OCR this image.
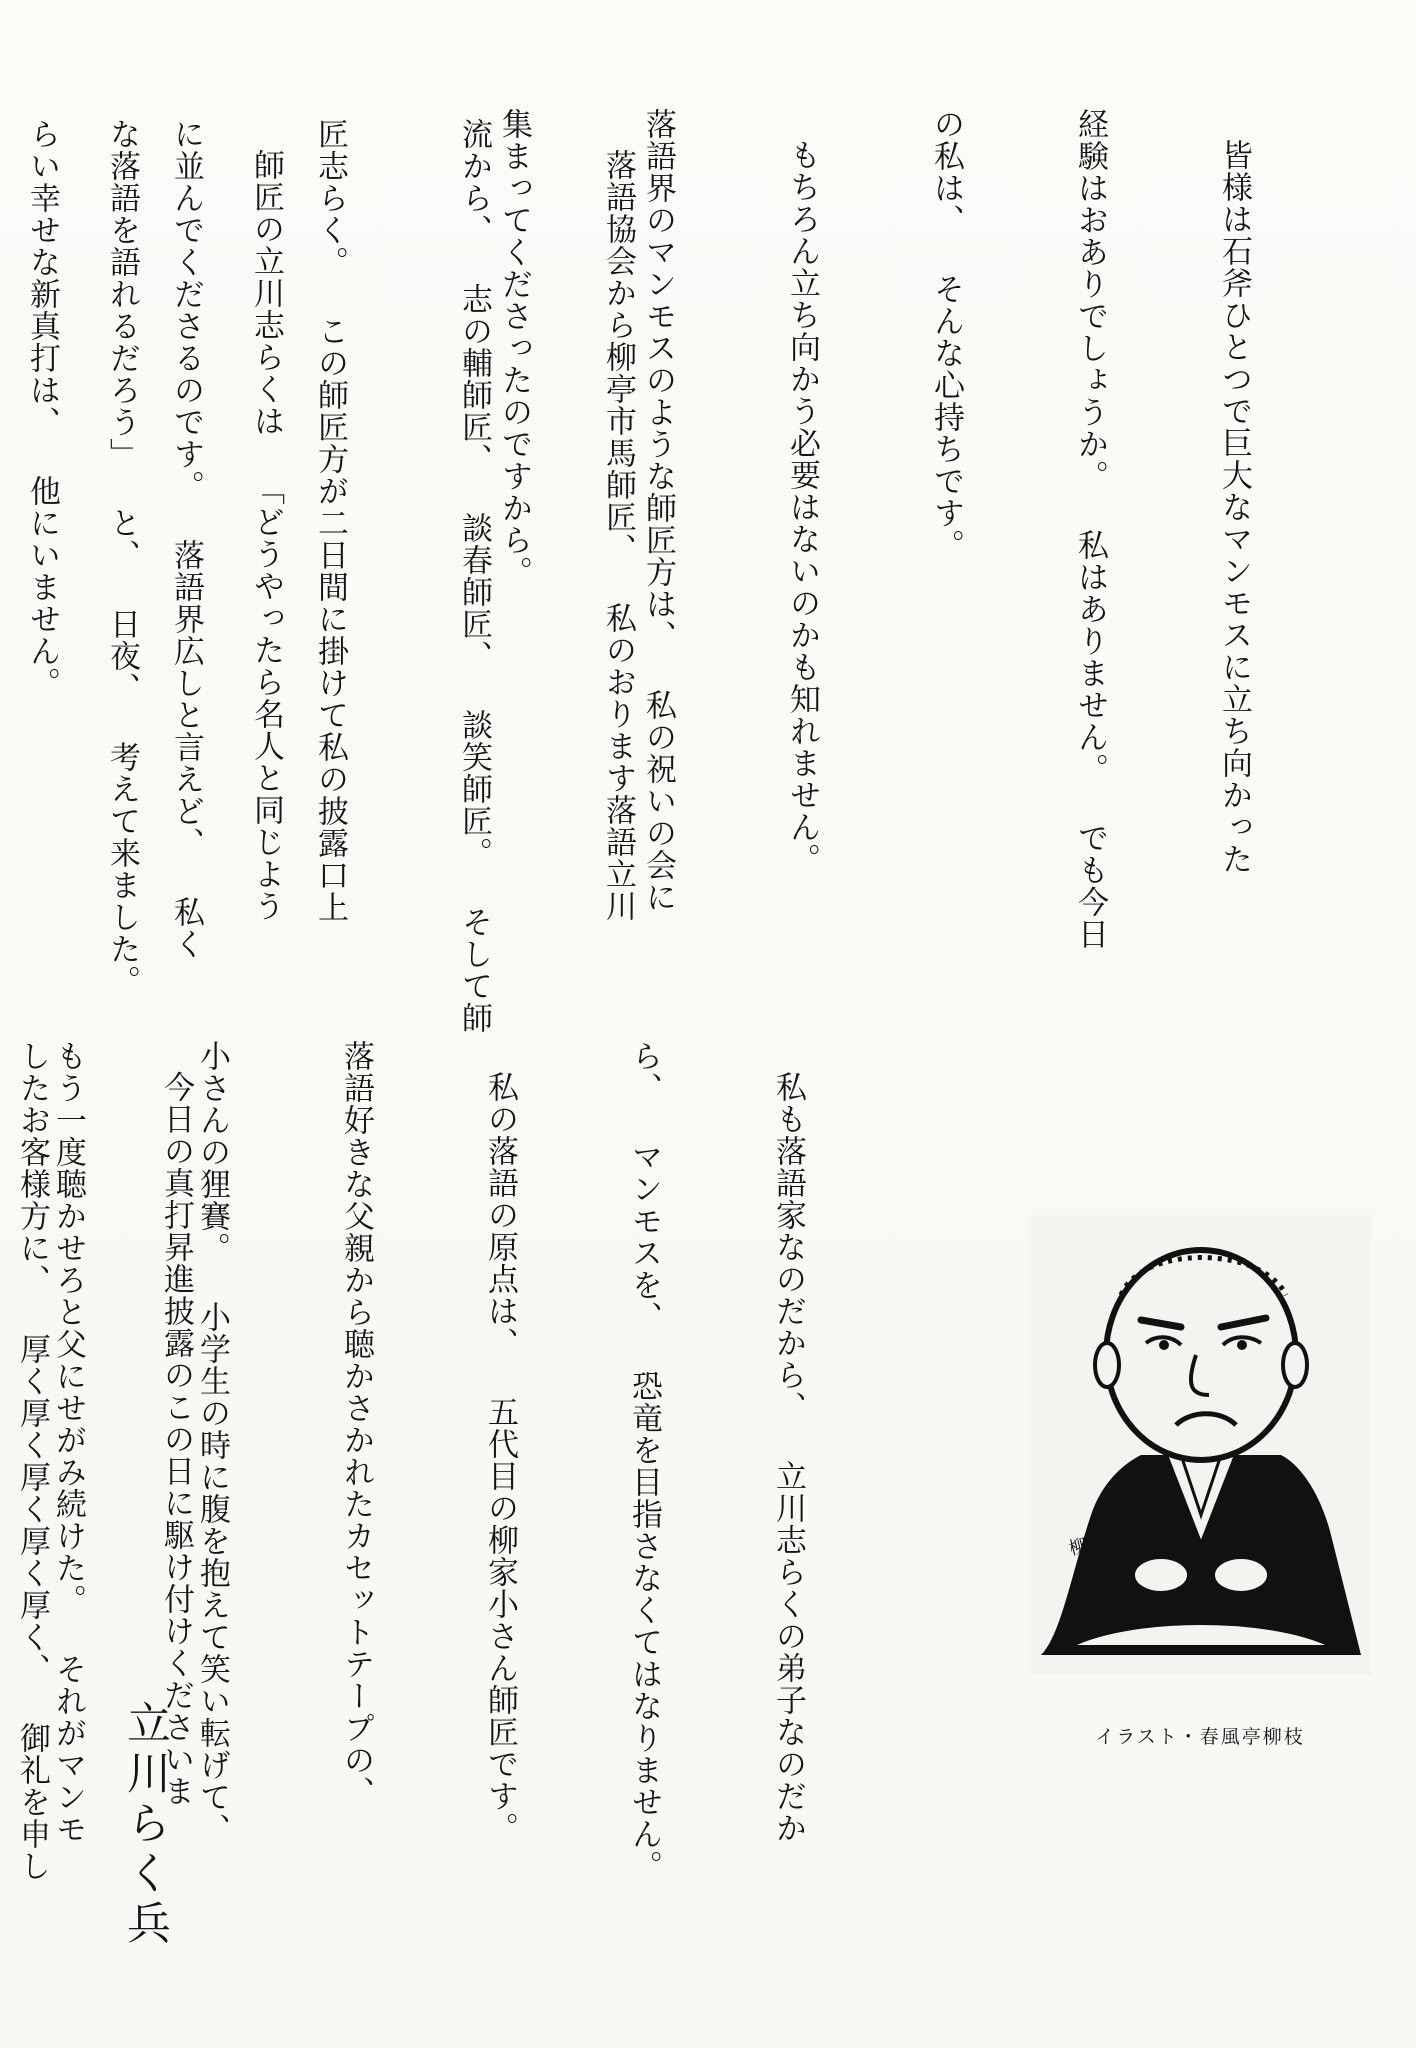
皆様は石斧ひとつで巨大なマンモスに立ち向かった

経験はおありでしょうか。 私はありません。 でも今日

の私は、 そんな心持ちです。

もちろん立ち向かう必要はないのかも知れません。

落語界のマンモスのような師匠方は、 私の祝いの会に

集まってくださったのですから。

落語協会から柳亭市馬師匠、 私のおります落語立川

流から、 志の輔師匠、 談春師匠、 談笑師匠。 そして師

匠志らく。 この師匠方が二日間に掛けて私の披露口上

に並んでくださるのです。 落語界広しと言えど、 私く

らい幸せな新真打は、 他にいません。

	師匠の立川志らくは 「どうやったら名人と同じよう

な落語を語れるだろう」 と、 日夜、 考えて来ました。

私も落語家なのだから、 立川志らくの弟子なのだか

ら、 マンモスを、 恐竜を目指さなくてはなりません。

私の落語の原点は、 五代目の柳家小さん師匠です。

落語好きな父親から聴かさかれたカセットテープの、

小さんの狸賽。 小学生の時に腹を抱えて笑い転げて、

もう一度聴かせろと父にせがみ続けた。 それがマンモ

今日の真打昇進披露のこの日に駆け付けくださいま

したお客様方に、 厚く厚く厚く厚く厚く、 御礼を申し

	柳枝
イラスト・春風亭柳枝
立川らく兵
